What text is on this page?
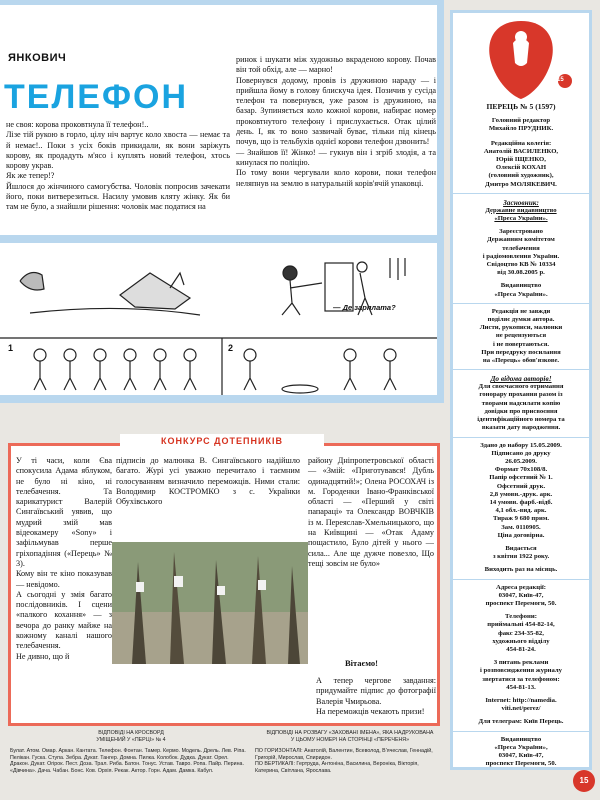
ЯНКОВИЧ
ТЕЛЕФОН
не своя: корова проковтнула її телефон!..
Лізе тій рукою в горло, цілу ніч вартує коло хвоста — немає та й немає!.. Поки з усіх боків прикидали, як вони заріжуть корову, як продадуть м'ясо і куплять новий телефон, хтось корову украв.
Як же тепер!?
Йшлося до жінчиного самогубства. Чоловік попросив зачекати його, поки витверезиться. Насилу умовив кляту жінку. Як би там не було, а знайшли рішення: чоловік має податися на
ринок і шукати між художньо вкраденою корову. Почав він той обхід, але — марно!
Повернувся додому, провів із дружиною нараду — і прийшла йому в голову блискуча ідея. Позичив у сусіда телефон та повернувся, уже разом із дружиною, на базар. Зупиняється коло кожної корови, набирає номер проковтнутого телефону і прислухається. Отак цілий день. І, як то воно зазвичай буває, тільки під кінець почув, що із тельбухів однієї корови телефон дзвонить!
— Знайшов її! Жінко! — гукнув він і згріб злодія, а та кинулася по поліцію.
По тому вони чергували коло корови, поки телефон неляпнув на землю в натуральній корів'ячій упаковці.
— Де зарплата?
1	2
15
ПЕРЕЦЬ № 5 (1597)
Головний редактор
Михайло ПРУДНИК.
Редакційна колегія:
Анатолій ВАСИЛЕНКО,
Юрій ІЩЕНКО,
Олексій КОХАН
(головний художник),
Дмитро МОЛЯКЕВИЧ.
Засновник:
Державне видавництво
«Преса України».
Зареєстровано
Державним комітетом
телебачення
і радіомовлення України.
Свідоцтво КВ № 10334
від 30.08.2005 р.
Видавництво
«Преса України».
Редакція не завжди
поділяє думки автора.
Листи, рукописи, малюнки
не рецензуються
і не повертаються.
При передруку посилання
на «Перець» обов'язкове.
До відома авторів!
Для своєчасного отримання
гонорару прохання разом із
творами надсилати копію
довідки про присвоєння
ідентифікаційного номера та
вказати дату народження.
Здано до набору 15.05.2009.
Підписано до друку
26.05.2009.
Формат 70х108/8.
Папір офсетний № 1.
Офсетний друк.
2,8 умовн.-друк. арк.
14 умовн. фарб.-відб.
4,1 обл.-вид. арк.
Тираж 9 680 прим.
Зам. 0110905.
Ціна договірна.
Видається
з квітня 1922 року.
Виходить раз на місяць.
Адреса редакції:
03047, Київ-47,
проспект Перемоги, 50.
Телефони:
приймальні 454-82-14,
факс 234-35-82,
художнього відділу
454-81-24.
З питань реклами
і розповсюдження журналу
звертатися за телефоном:
454-81-13.
Internet: http://namedia.
viti.net/perez/
Для телеграм: Київ Перець.
Видавництво
«Преса України»,
03047, Київ-47,
проспект Перемоги, 50.
КОНКУРС ДОТЕПНИКІВ
У ті часи, коли Єва спокусила Адама яблуком, не було ні кіно, ні телебачення. Та карикатурист Валерій Сингаївський уявив, що мудрий змій мав відеокамеру «Sony» і зафільмував перше гріхопадіння («Перець» № 3).
Кому він те кіно показував — невідомо.
А сьогодні у змія багато послідовників. І сцени «палкого кохання» — з вечора до ранку майже на кожному каналі нашого телебачення.
Не дивно, що й
підписів до малюнка В. Сингаївського надійшло багато. Журі усі уважно перечитало і таємним голосуванням визначило переможців. Ними стали: Володимир КОСТРОМКО з с. Українки Обухівського
району Дніпропетровської області — «Змій: «Приготувався! Дубль одинадцятий!»; Олена РОСОХАЧ із м. Городенки Івано-Франківської області — «Перший у світі папараці» та Олександр ВОВЧКІВ із м. Переяслав-Хмельницького, що на Київщині — «Отак Адаму пощастило, Було дітей у нього — сила... Але ще дужче повезло, Що тещі зовсім не було»
Вітаємо!
А тепер чергове завдання: придумайте підпис до фотографії Валерія Чмирьова.
На переможців чекають призи!
ВІДПОВІДІ НА КРОСВОРД
УМІЩЕНИЙ У «ПЕРЦІ» № 4
Булат. Атом. Омар. Аркан. Кантата. Телефон. Фонтан. Тамер. Кермо. Модель. Дрель. Лев. Ріпа. Пелікан. Гуска. Ступа. Зебра. Дукат. Тангер. Домна. Пилка. Колобок. Дудка. Дукат. Орел. Дракон. Дукат. Огірок. Пест. Доза. Трал. Риба. Батон. Тонус. Устав. Тавро. Ропа. Пайр. Перина. «Дівчина». Дача. Чабан. Бонс. Ков. Орхія. Рекак. Актор. Горн. Адам. Дамка. Кабул.
ВІДПОВІДІ НА РОЗВАГУ «ЗАХОВАНІ ІМЕНА», ЯКА НАДРУКОВАНА
У ЦЬОМУ НОМЕРІ НА СТОРІНЦІ «ПЕРЕЧЕНЯ»
ПО ГОРИЗОНТАЛІ: Анатолій, Валентин, Всеволод, В'ячеслав, Геннадій, Григорій, Мирослав, Спиридон.
ПО ВЕРТИКАЛІ: Гертруда, Антоніна, Василина, Вероніка, Вікторія, Катерина, Світлана, Ярослава.
15
